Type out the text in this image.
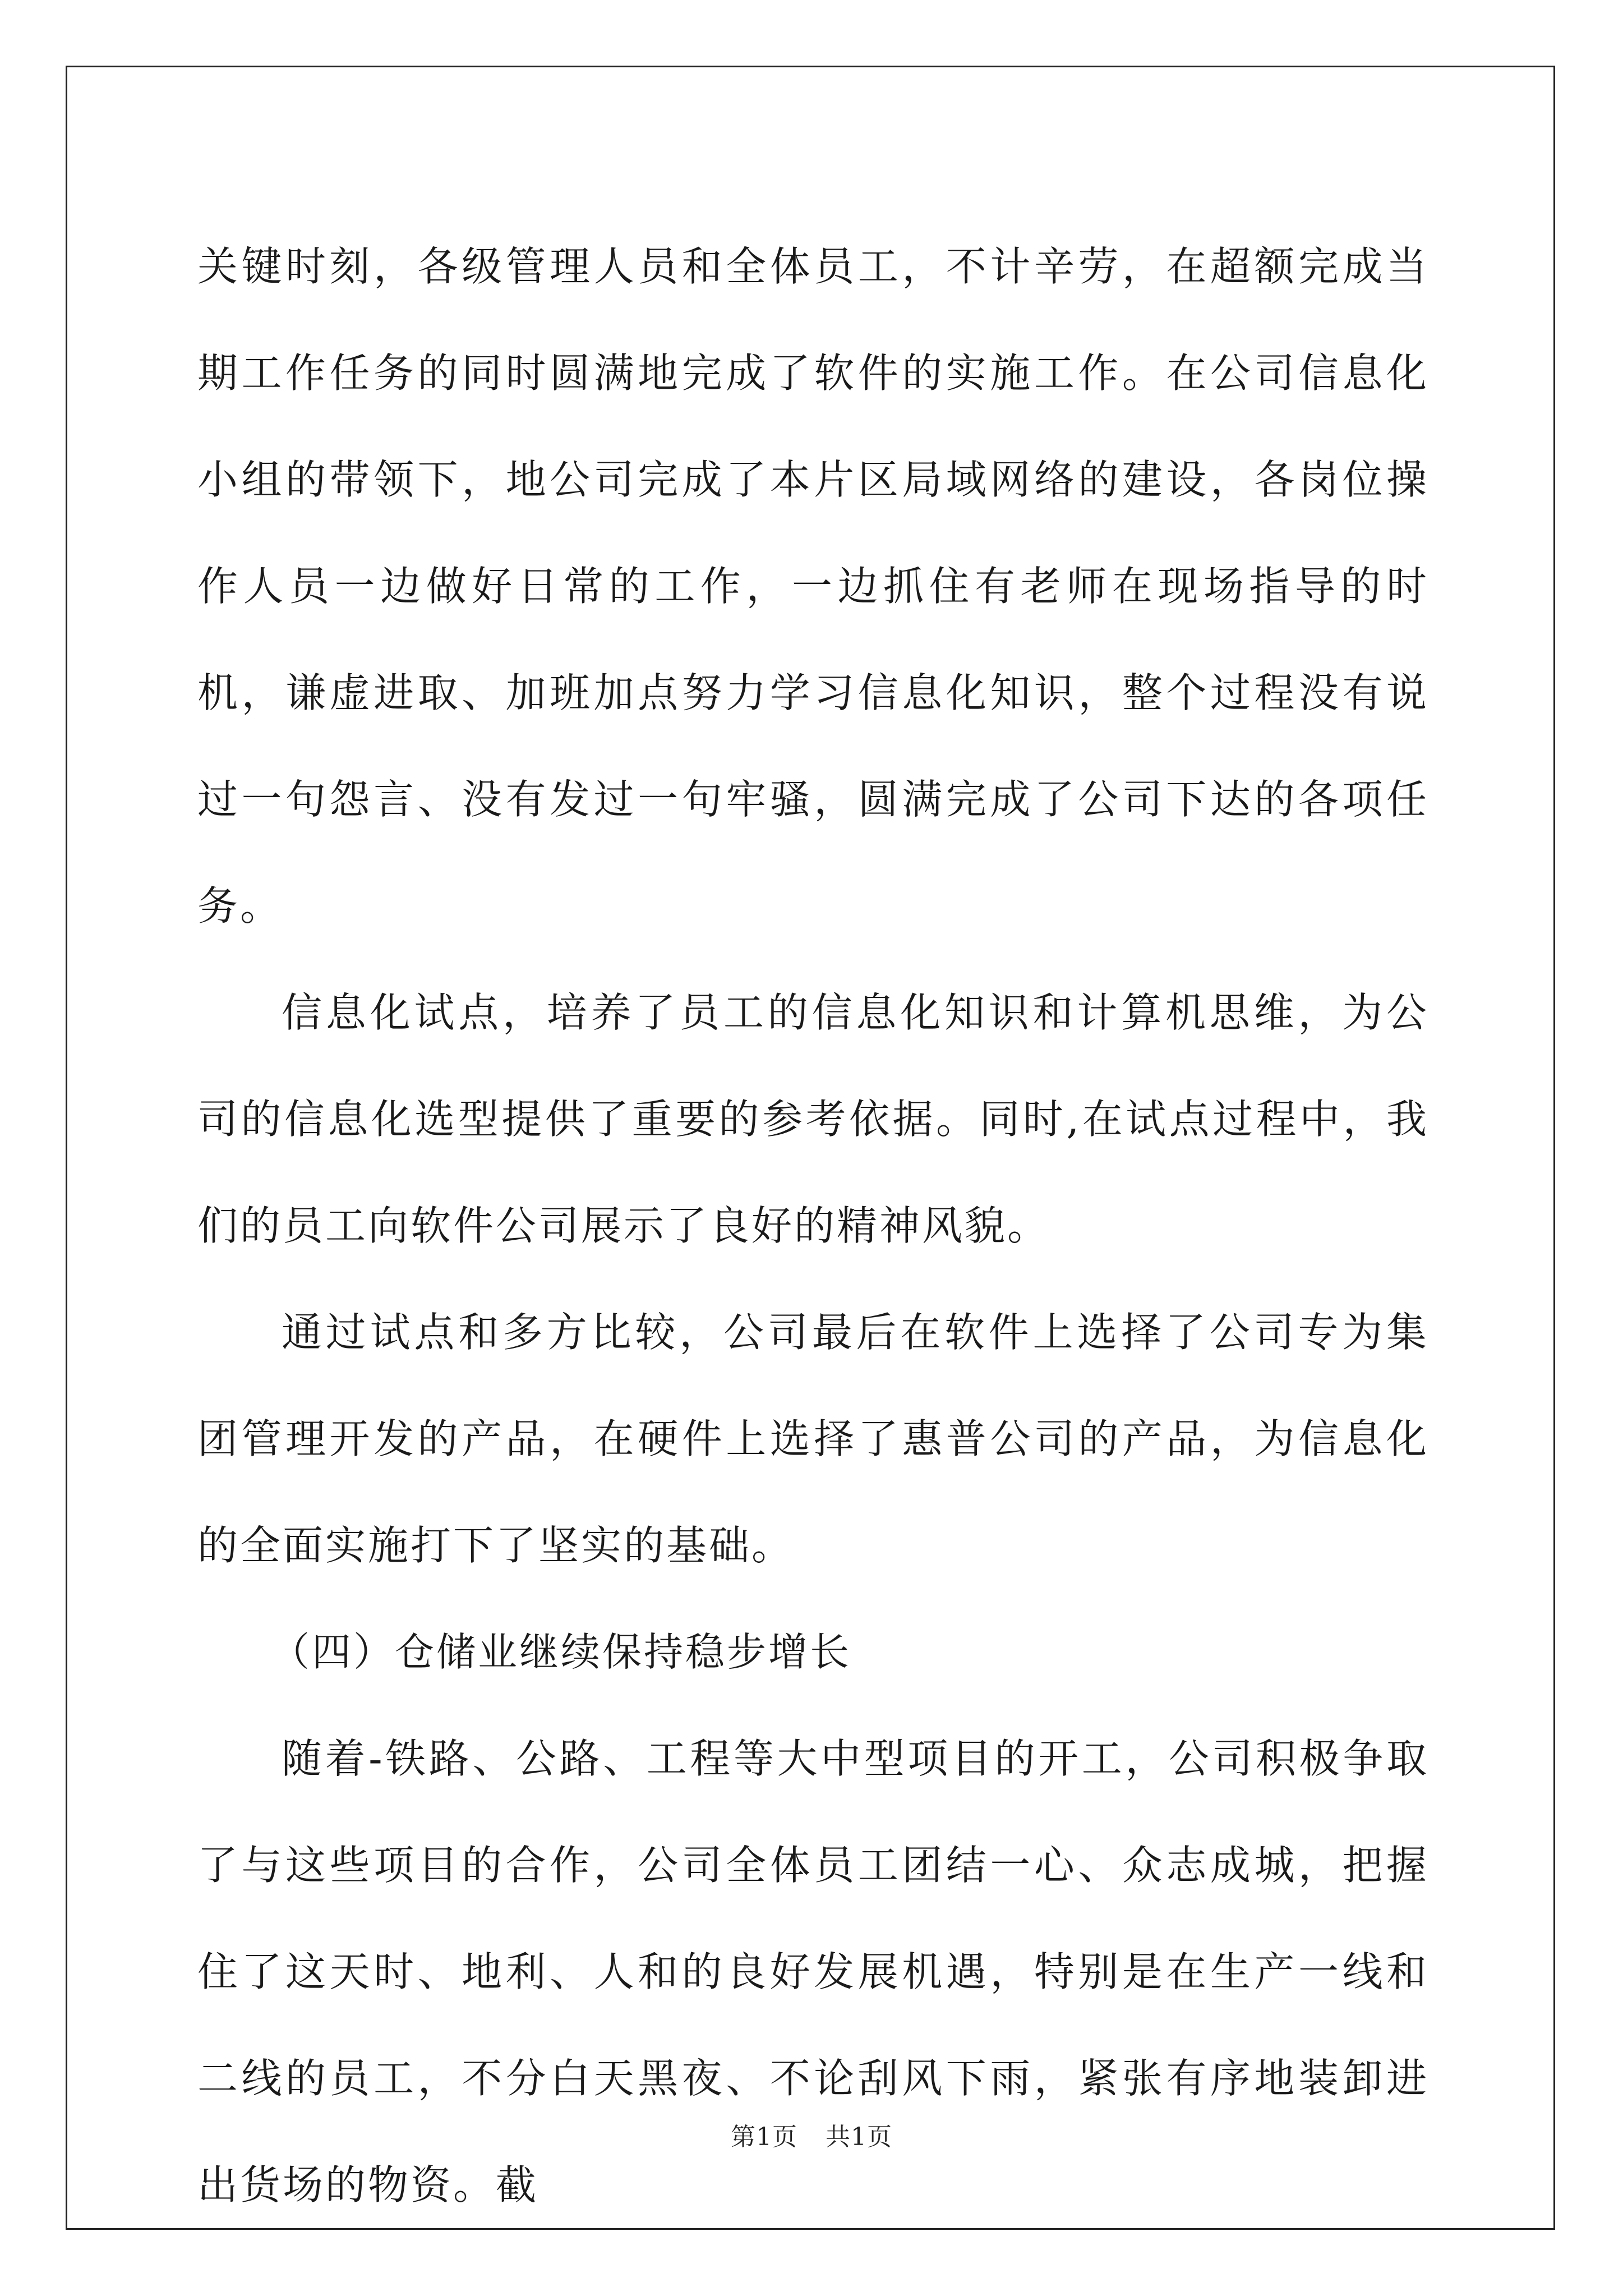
关键时刻，各级管理人员和全体员工，不计辛劳，在超额完成当期工作任务的同时圆满地完成了软件的实施工作。在公司信息化小组的带领下，地公司完成了本片区局域网络的建设，各岗位操作人员一边做好日常的工作，一边抓住有老师在现场指导的时机，谦虚进取、加班加点努力学习信息化知识，整个过程没有说过一句怨言、没有发过一句牢骚，圆满完成了公司下达的各项任务。

信息化试点，培养了员工的信息化知识和计算机思维，为公司的信息化选型提供了重要的参考依据。同时,在试点过程中，我们的员工向软件公司展示了良好的精神风貌。

通过试点和多方比较，公司最后在软件上选择了公司专为集团管理开发的产品，在硬件上选择了惠普公司的产品，为信息化的全面实施打下了坚实的基础。

（四）仓储业继续保持稳步增长

随着-铁路、公路、工程等大中型项目的开工，公司积极争取了与这些项目的合作，公司全体员工团结一心、众志成城，把握住了这天时、地利、人和的良好发展机遇，特别是在生产一线和二线的员工，不分白天黑夜、不论刮风下雨，紧张有序地装卸进出货场的物资。截

第1页 共1页
